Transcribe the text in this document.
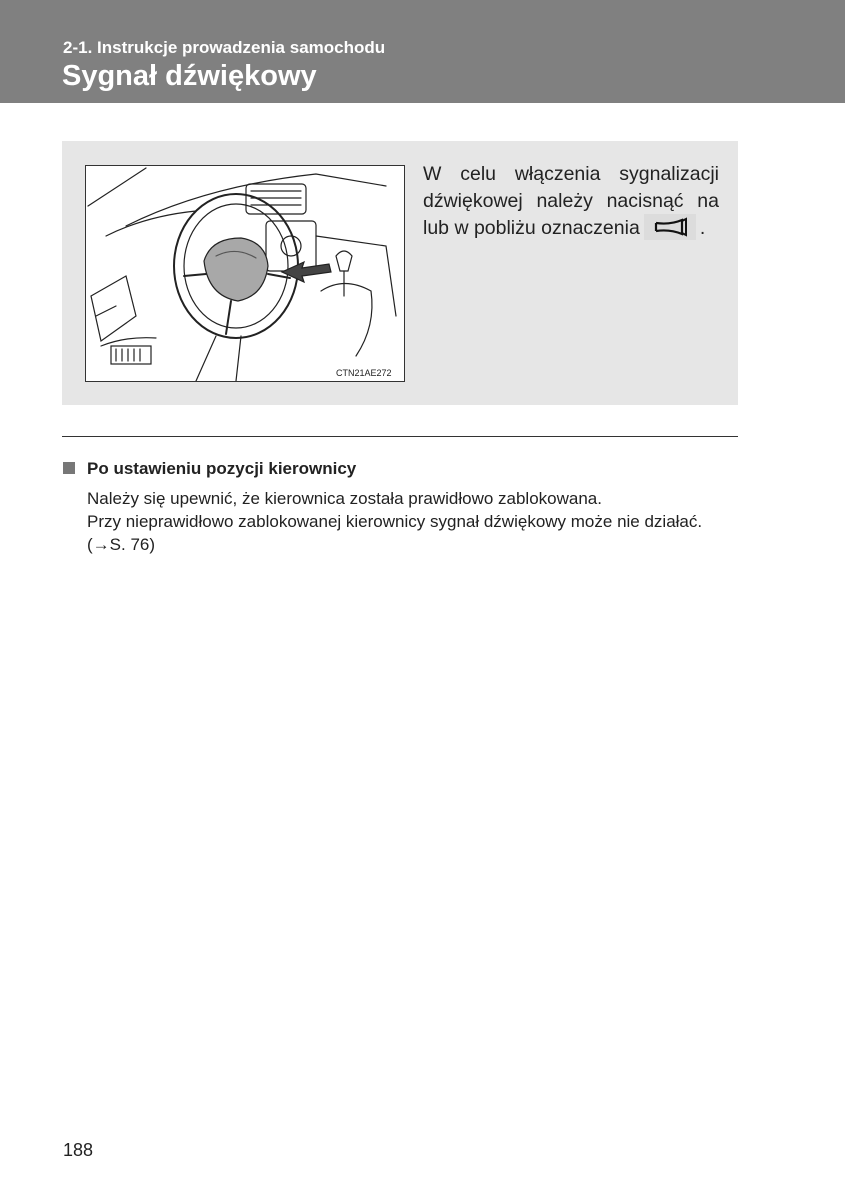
2-1. Instrukcje prowadzenia samochodu
Sygnał dźwiękowy
CTN21AE272
W celu włączenia sygnalizacji
dźwiękowej należy nacisnąć na
lub w pobliżu oznaczenia	.
Po ustawieniu pozycji kierownicy
Należy się upewnić, że kierownica została prawidłowo zablokowana.
Przy nieprawidłowo zablokowanej kierownicy sygnał dźwiękowy może nie działać.
(→S. 76)
188
